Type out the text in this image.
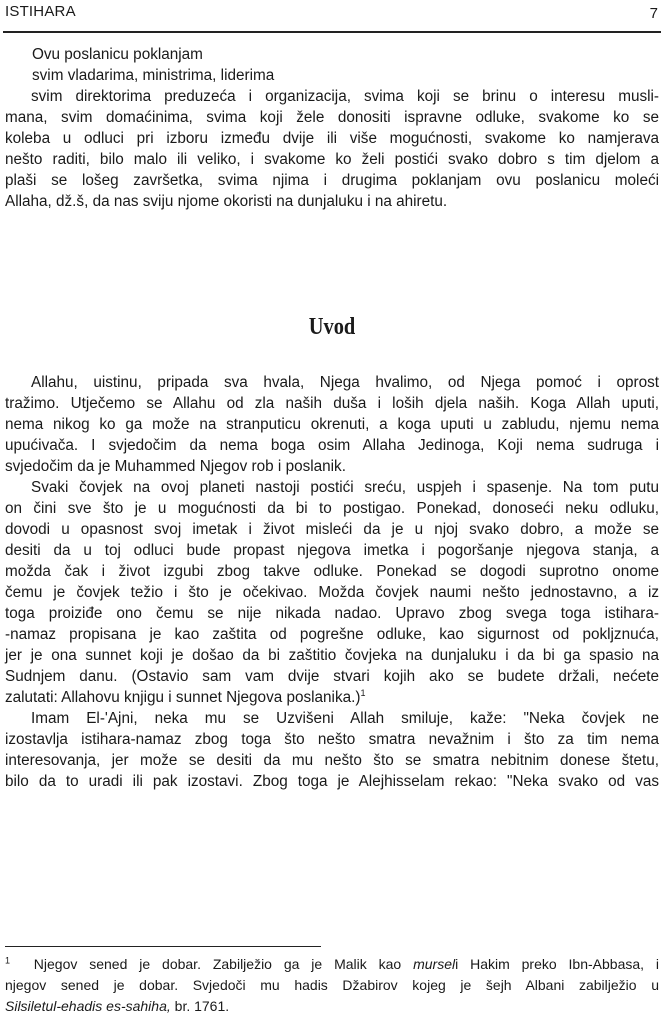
ISTIHARA	7
Ovu poslanicu poklanjam
svim vladarima, ministrima, liderima
svim direktorima preduzeća i organizacija, svima koji se brinu o interesu musli-
mana, svim domaćinima, svima koji žele donositi ispravne odluke, svakome ko se
koleba u odluci pri izboru između dvije ili više mogućnosti, svakome ko namjerava
nešto raditi, bilo malo ili veliko, i svakome ko želi postići svako dobro s tim djelom a
plaši se lošeg završetka, svima njima i drugima poklanjam ovu poslanicu moleći
Allaha, dž.š, da nas sviju njome okoristi na dunjaluku i na ahiretu.
Uvod
Allahu, uistinu, pripada sva hvala, Njega hvalimo, od Njega pomoć i oprost
tražimo. Utječemo se Allahu od zla naših duša i loših djela naših. Koga Allah uputi,
nema nikog ko ga može na stranputicu okrenuti, a koga uputi u zabludu, njemu nema
upućivača. I svjedočim da nema boga osim Allaha Jedinoga, Koji nema sudruga i
svjedočim da je Muhammed Njegov rob i poslanik.
Svaki čovjek na ovoj planeti nastoji postići sreću, uspjeh i spasenje. Na tom putu
on čini sve što je u mogućnosti da bi to postigao. Ponekad, donoseći neku odluku,
dovodi u opasnost svoj imetak i život misleći da je u njoj svako dobro, a može se
desiti da u toj odluci bude propast njegova imetka i pogoršanje njegova stanja, a
možda čak i život izgubi zbog takve odluke. Ponekad se dogodi suprotno onome
čemu je čovjek težio i što je očekivao. Možda čovjek naumi nešto jednostavno, a iz
toga proiziđe ono čemu se nije nikada nadao. Upravo zbog svega toga istihara-
-namaz propisana je kao zaštita od pogrešne odluke, kao sigurnost od poklјznuća,
jer je ona sunnet koji je došao da bi zaštitio čovjeka na dunjaluku i da bi ga spasio na
Sudnjem danu. (Ostavio sam vam dvije stvari kojih ako se budete držali, nećete
zalutati: Allahovu knjigu i sunnet Njegova poslanika.)$^1$
Imam El-'Ajni, neka mu se Uzvišeni Allah smiluje, kaže: "Neka čovjek ne
izostavlja istihara-namaz zbog toga što nešto smatra nevažnim i što za tim nema
interesovanja, jer može se desiti da mu nešto što se smatra nebitnim donese štetu,
bilo da to uradi ili pak izostavi. Zbog toga je Alejhisselam rekao: "Neka svako od vas
$^1$ Njegov sened je dobar. Zabilježio ga je Malik kao murseli Hakim preko Ibn-Abbasa, i
njegov sened je dobar. Svjedoči mu hadis Džabirov kojeg je šejh Albani zabilježio u
Silsiletul-ehadis es-sahiha, br. 1761.
